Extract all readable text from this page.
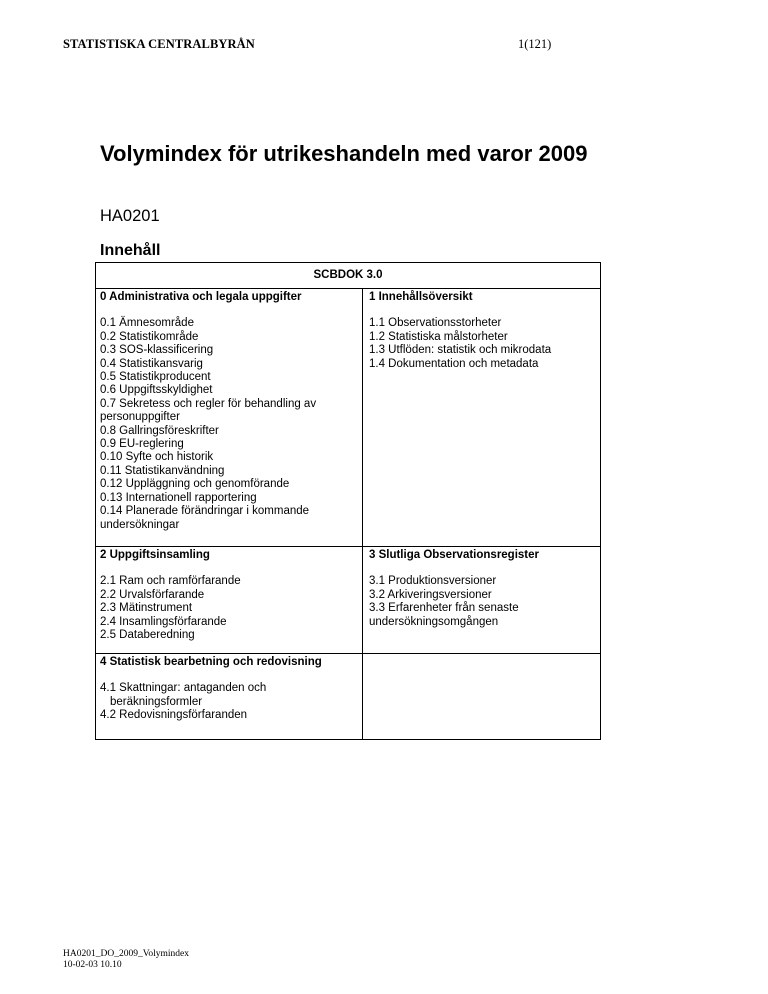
STATISTISKA CENTRALBYRÅN	1(121)
Volymindex för utrikeshandeln med varor 2009
HA0201
Innehåll
SCBDOK 3.0
0 Administrativa och legala uppgifter
0.1 Ämnesområde
0.2 Statistikområde
0.3 SOS-klassificering
0.4 Statistikansvarig
0.5 Statistikproducent
0.6 Uppgiftsskyldighet
0.7 Sekretess och regler för behandling av personuppgifter
0.8 Gallringsföreskrifter
0.9 EU-reglering
0.10 Syfte och historik
0.11 Statistikanvändning
0.12 Uppläggning och genomförande
0.13 Internationell rapportering
0.14 Planerade förändringar i kommande undersökningar
1 Innehållsöversikt
1.1 Observationsstorheter
1.2 Statistiska målstorheter
1.3 Utflöden: statistik och mikrodata
1.4 Dokumentation och metadata
2 Uppgiftsinsamling
2.1 Ram och ramförfarande
2.2 Urvalsförfarande
2.3 Mätinstrument
2.4 Insamlingsförfarande
2.5 Databeredning
3 Slutliga Observationsregister
3.1 Produktionsversioner
3.2 Arkiveringsversioner
3.3 Erfarenheter från senaste undersökningsomgången
4 Statistisk bearbetning och redovisning
4.1 Skattningar: antaganden och
beräkningsformler
4.2 Redovisningsförfaranden
HA0201_DO_2009_Volymindex
10-02-03 10.10
